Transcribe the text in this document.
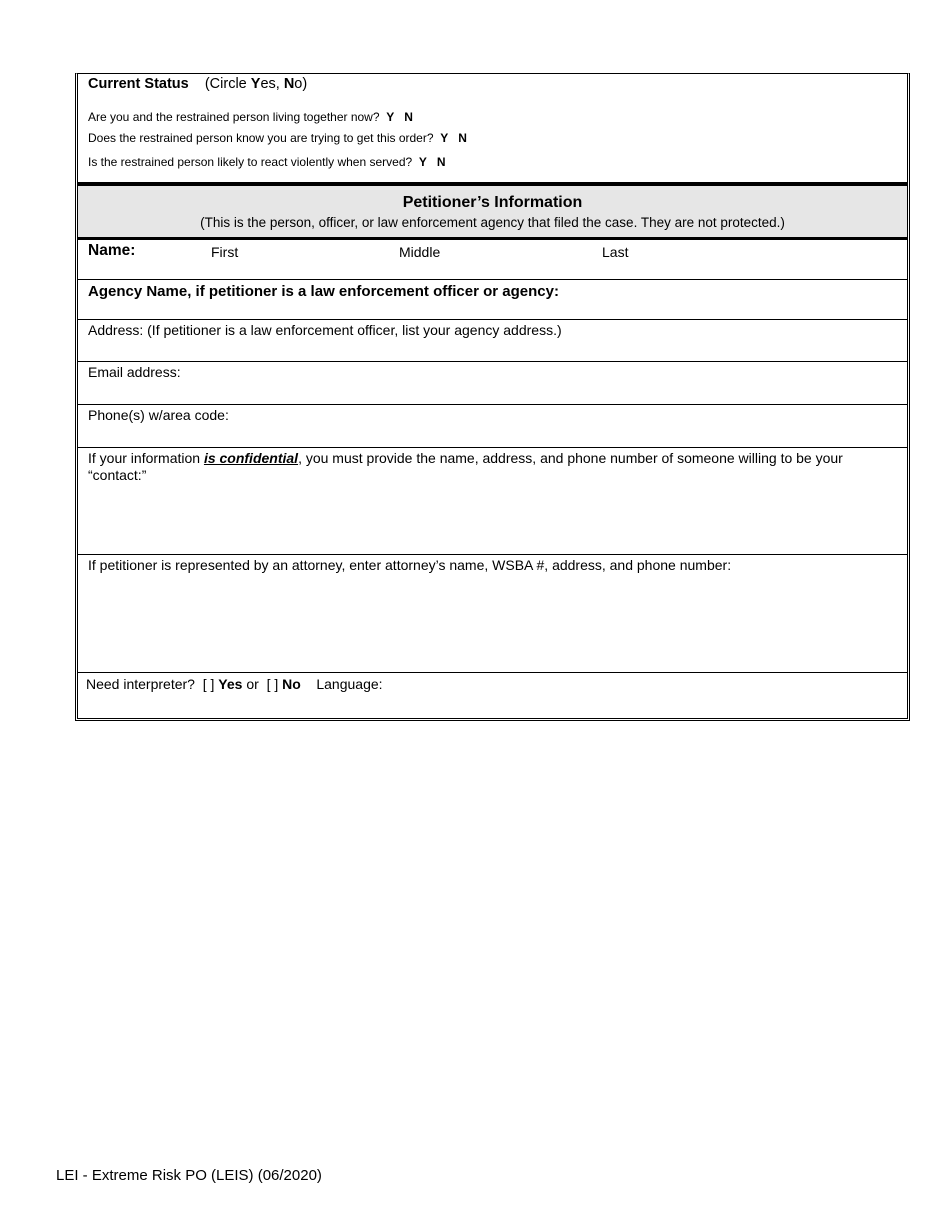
Current Status (Circle Yes, No)
Are you and the restrained person living together now? Y N
Does the restrained person know you are trying to get this order? Y N
Is the restrained person likely to react violently when served? Y N
Petitioner’s Information
(This is the person, officer, or law enforcement agency that filed the case. They are not protected.)
Name:	First	Middle	Last
Agency Name, if petitioner is a law enforcement officer or agency:
Address: (If petitioner is a law enforcement officer, list your agency address.)
Email address:
Phone(s) w/area code:
If your information is confidential, you must provide the name, address, and phone number of someone willing to be your
“contact:”
If petitioner is represented by an attorney, enter attorney’s name, WSBA #, address, and phone number:
Need interpreter? [ ] Yes or [ ] No Language:
LEI - Extreme Risk PO (LEIS) (06/2020)
